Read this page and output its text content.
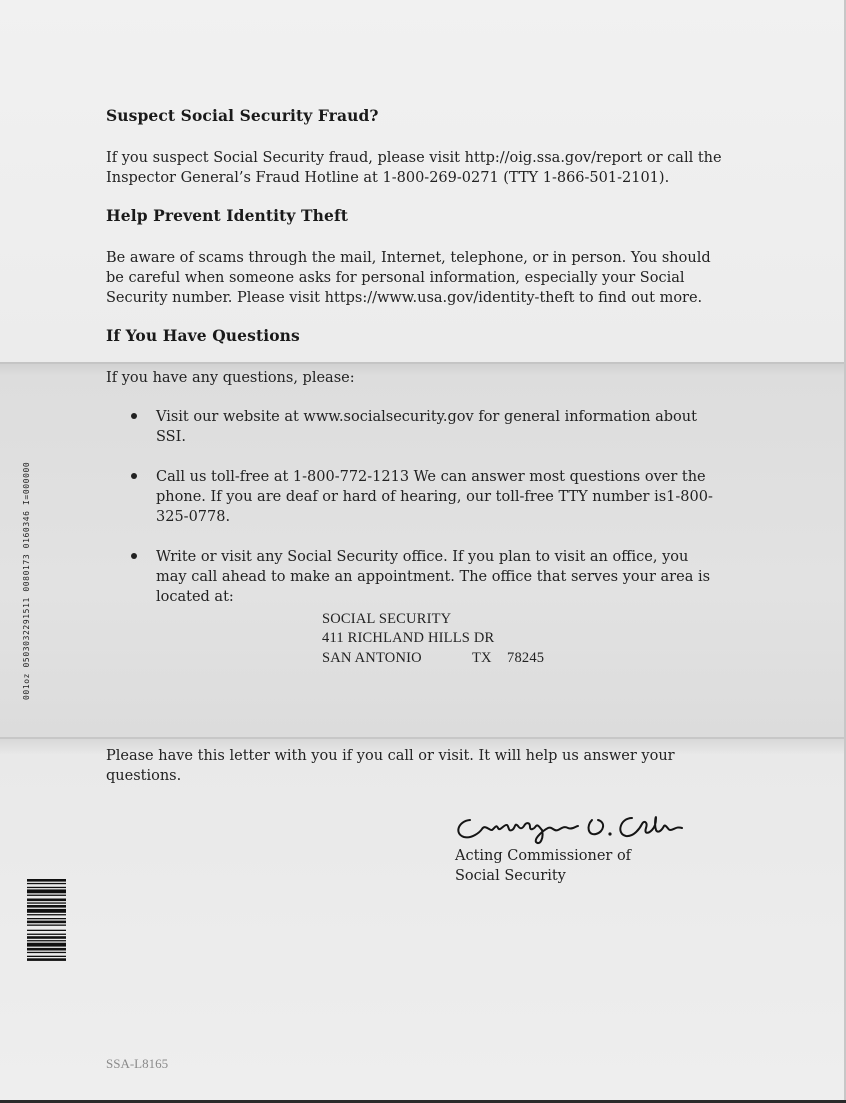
Suspect Social Security Fraud?

If you suspect Social Security fraud, please visit http://oig.ssa.gov/report or call the

Inspector General’s Fraud Hotline at 1-800-269-0271 (TTY 1-866-501-2101).

Help Prevent Identity Theft

Be aware of scams through the mail, Internet, telephone, or in person. You should

be careful when someone asks for personal information, especially your Social

Security number. Please visit https://www.usa.gov/identity-theft to find out more.

If You Have Questions

If you have any questions, please:

Visit our website at www.socialsecurity.gov for general information about
SSI.

Call us toll-free at 1-800-772-1213 We can answer most questions over the
phone. If you are deaf or hard of hearing, our toll-free TTY number is1-800-
325-0778.

Write or visit any Social Security office. If you plan to visit an office, you
may call ahead to make an appointment. The office that serves your area is
located at:

SOCIAL SECURITY
411 RICHLAND HILLS DR
SAN ANTONIO	TX 78245

Please have this letter with you if you call or visit. It will help us answer your

questions.

Acting Commissioner of

Social Security

001oz 0503032291511 0080173 0160346 I=000000
SSA-L8165
